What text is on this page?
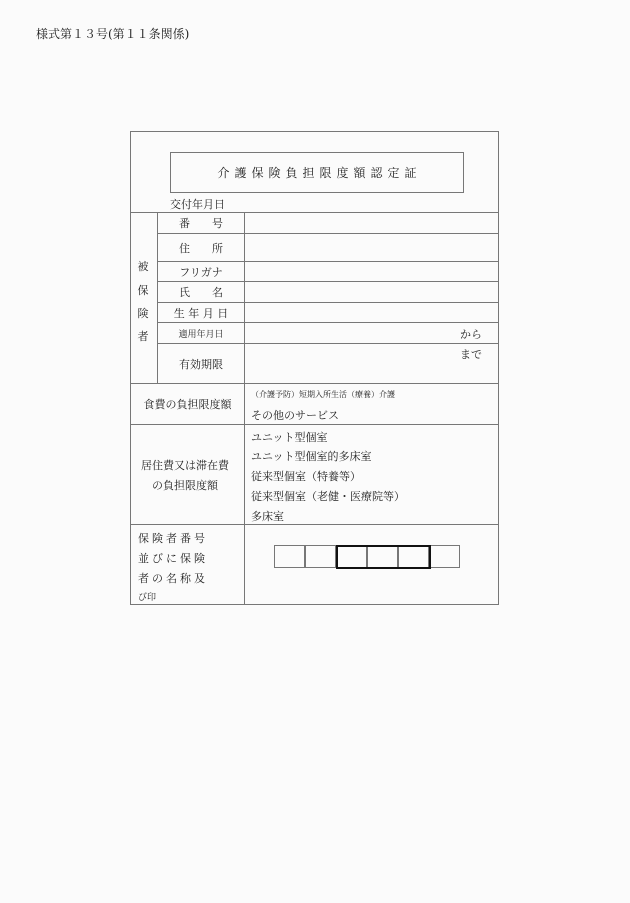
様式第１３号(第１１条関係)
介護保険負担限度額認定証
交付年月日
被
保
険
者
番　　号
住　　所
フリガナ
氏　　名
生 年 月 日
適用年月日
有効期限
から
まで
食費の負担限度額
（介護予防）短期入所生活（療養）介護
その他のサービス
居住費又は滞在費
の負担限度額
ユニット型個室
ユニット型個室的多床室
従来型個室（特養等）
従来型個室（老健・医療院等）
多床室
保険者番号
並びに保険
者の名称及
び印
